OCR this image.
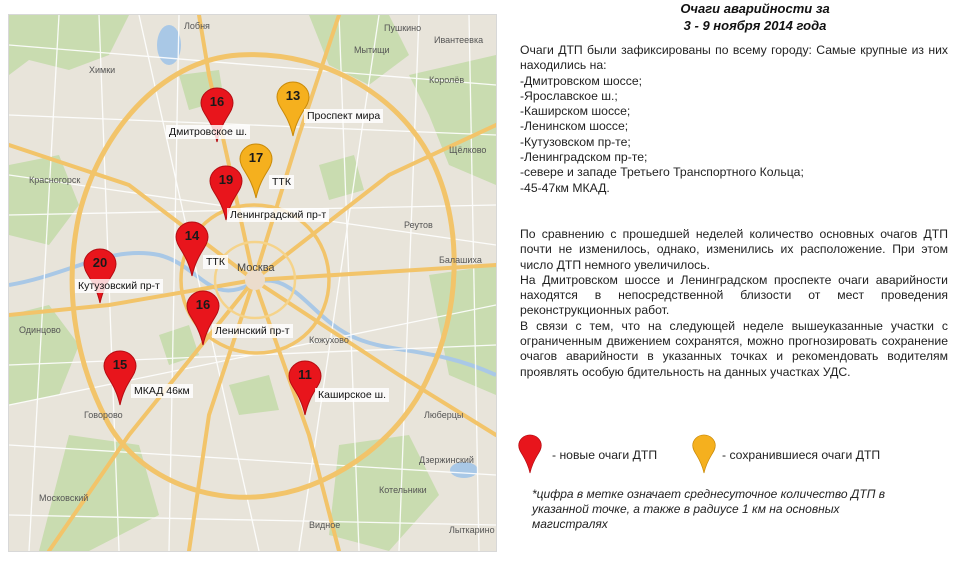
Химки
Лобня
Мытищи
Королёв
Балашиха
Красногорск
Одинцово
Люберцы
Дзержинский
Московский
Видное
Реутов
Ивантеевка
Пушкино
Щёлково
Котельники
Лыткарино
Говорово
Кожухово
Москва
16
Дмитровское ш.
13
Проспект мира
17
ТТК
19
Ленинградский пр-т
14
ТТК
20
Кутузовский пр-т
16
Ленинский пр-т
15
МКАД 46км
11
Каширское ш.
Очаги аварийности за
3 - 9 ноября 2014 года
Очаги ДТП были зафиксированы по всему городу: Самые крупные из них находились на:
-Дмитровском шоссе;
-Ярославское ш.;
-Каширском шоссе;
-Ленинском шоссе;
-Кутузовском пр-те;
-Ленинградском пр-те;
-севере и западе Третьего Транспортного Кольца;
-45-47км МКАД.
По сравнению с прошедшей неделей количество основных очагов ДТП почти не изменилось, однако, изменились их расположение. При этом число ДТП немного увеличилось.
На Дмитровском шоссе и Ленинградском проспекте очаги аварийности находятся в непосредственной близости от мест проведения реконструкционных работ.
В связи с тем, что на следующей неделе вышеуказанные участки с ограниченным движением сохранятся, можно прогнозировать сохранение очагов аварийности в указанных точках и рекомендовать водителям проявлять особую бдительность на данных участках УДС.
- новые очаги ДТП	- сохранившиеся очаги ДТП
*цифра в метке означает среднесуточное количество ДТП в указанной точке, а также в радиусе 1 км на основных магистралях
